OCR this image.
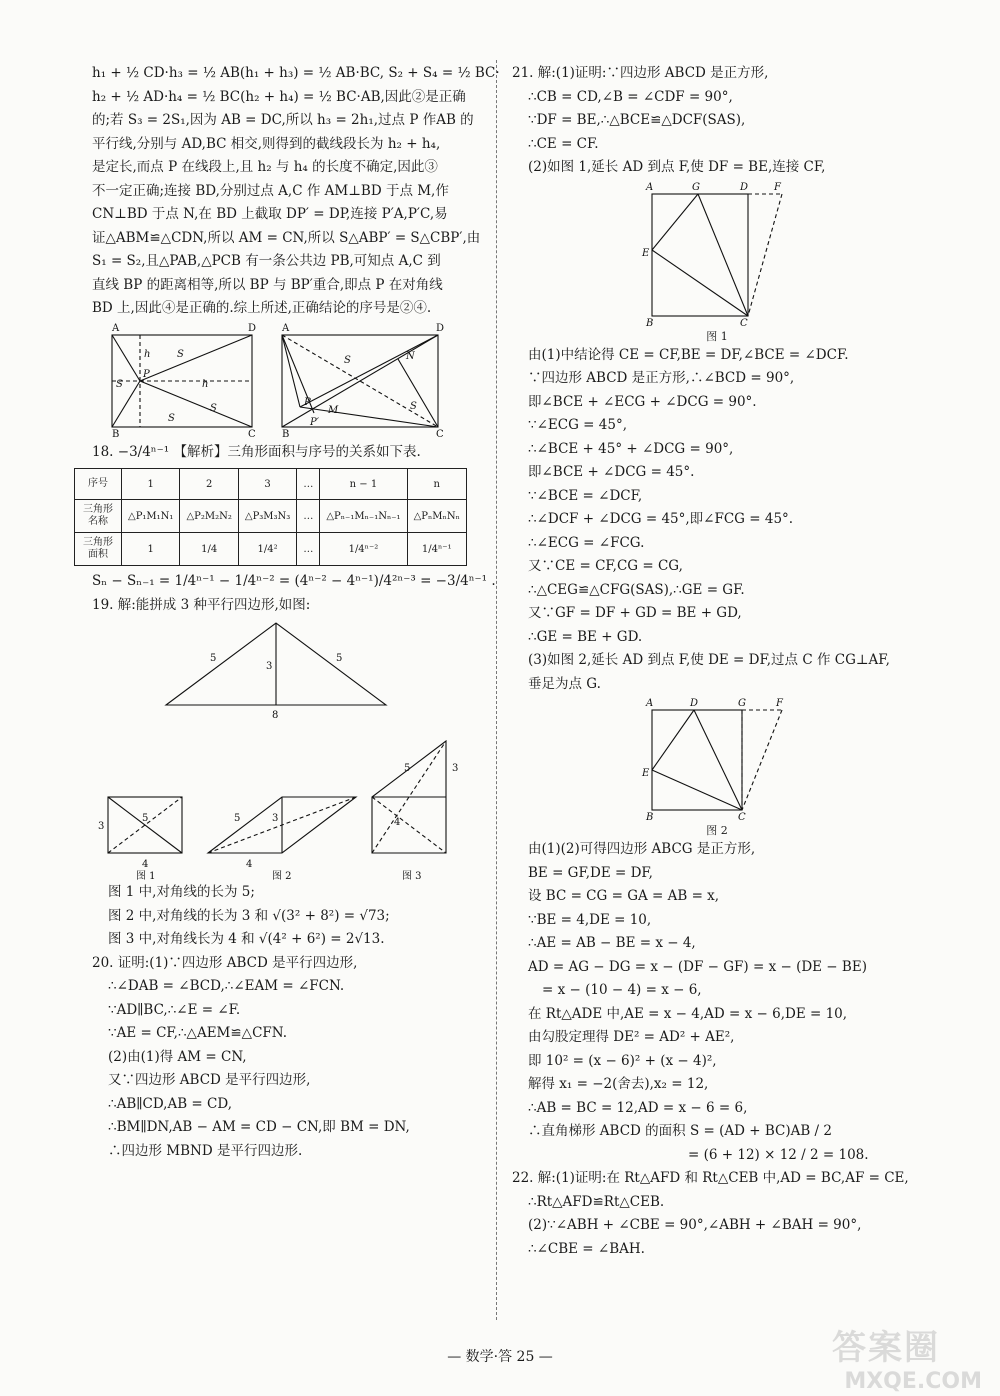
h₁ + ½ CD·h₃ = ½ AB(h₁ + h₃) = ½ AB·BC, S₂ + S₄ = ½ BC·
h₂ + ½ AD·h₄ = ½ BC(h₂ + h₄) = ½ BC·AB,因此②是正确
的;若 S₃ = 2S₁,因为 AB = DC,所以 h₃ = 2h₁,过点 P 作AB 的
平行线,分别与 AD,BC 相交,则得到的截线段长为 h₂ + h₄,
是定长,而点 P 在线段上,且 h₂ 与 h₄ 的长度不确定,因此③
不一定正确;连接 BD,分别过点 A,C 作 AM⊥BD 于点 M,作
CN⊥BD 于点 N,在 BD 上截取 DP′ = DP,连接 P′A,P′C,易
证△ABM≌△CDN,所以 AM = CN,所以 S△ABP′ = S△CBP′,由
S₁ = S₂,且△PAB,△PCB 有一条公共边 PB,可知点 A,C 到
直线 BP 的距离相等,所以 BP 与 BP′重合,即点 P 在对角线
BD 上,因此④是正确的.综上所述,正确结论的序号是②④.
A	D
B	C
P
h
S	h
S
S
S
A	D
B	C
P
M
N
P′
S
S
18. −3/4ⁿ⁻¹ 【解析】三角形面积与序号的关系如下表.
序号	1	2	3	…	n − 1	n
三角形名称	△P₁M₁N₁	△P₂M₂N₂	△P₃M₃N₃	…	△Pₙ₋₁Mₙ₋₁Nₙ₋₁	△PₙMₙNₙ
三角形面积	1	1/4	1/4²	…	1/4ⁿ⁻²	1/4ⁿ⁻¹
Sₙ − Sₙ₋₁ = 1/4ⁿ⁻¹ − 1/4ⁿ⁻² = (4ⁿ⁻² − 4ⁿ⁻¹)/4²ⁿ⁻³ = −3/4ⁿ⁻¹ .
19. 解:能拼成 3 种平行四边形,如图:
5	5
3
8
5
3
4
图 1
5	3
4
图 2
5	3
4
图 3
图 1 中,对角线的长为 5;
图 2 中,对角线的长为 3 和 √(3² + 8²) = √73;
图 3 中,对角线长为 4 和 √(4² + 6²) = 2√13.
20. 证明:(1)∵四边形 ABCD 是平行四边形,
∴∠DAB = ∠BCD,∴∠EAM = ∠FCN.
∵AD∥BC,∴∠E = ∠F.
∵AE = CF,∴△AEM≌△CFN.
(2)由(1)得 AM = CN,
又∵四边形 ABCD 是平行四边形,
∴AB∥CD,AB = CD,
∴BM∥DN,AB − AM = CD − CN,即 BM = DN,
∴四边形 MBND 是平行四边形.
21. 解:(1)证明:∵四边形 ABCD 是正方形,
∴CB = CD,∠B = ∠CDF = 90°,
∵DF = BE,∴△BCE≌△DCF(SAS),
∴CE = CF.
(2)如图 1,延长 AD 到点 F,使 DF = BE,连接 CF,
A	G	D	F
E
B	C
图 1
由(1)中结论得 CE = CF,BE = DF,∠BCE = ∠DCF.
∵四边形 ABCD 是正方形,∴∠BCD = 90°,
即∠BCE + ∠ECG + ∠DCG = 90°.
∵∠ECG = 45°,
∴∠BCE + 45° + ∠DCG = 90°,
即∠BCE + ∠DCG = 45°.
∵∠BCE = ∠DCF,
∴∠DCF + ∠DCG = 45°,即∠FCG = 45°.
∴∠ECG = ∠FCG.
又∵CE = CF,CG = CG,
∴△CEG≌△CFG(SAS),∴GE = GF.
又∵GF = DF + GD = BE + GD,
∴GE = BE + GD.
(3)如图 2,延长 AD 到点 F,使 DE = DF,过点 C 作 CG⊥AF,
垂足为点 G.
A	D	G	F
E
B	C
图 2
由(1)(2)可得四边形 ABCG 是正方形,
BE = GF,DE = DF,
设 BC = CG = GA = AB = x,
∵BE = 4,DE = 10,
∴AE = AB − BE = x − 4,
AD = AG − DG = x − (DF − GF) = x − (DE − BE)
= x − (10 − 4) = x − 6,
在 Rt△ADE 中,AE = x − 4,AD = x − 6,DE = 10,
由勾股定理得 DE² = AD² + AE²,
即 10² = (x − 6)² + (x − 4)²,
解得 x₁ = −2(舍去),x₂ = 12,
∴AB = BC = 12,AD = x − 6 = 6,
∴直角梯形 ABCD 的面积 S = (AD + BC)AB / 2
= (6 + 12) × 12 / 2 = 108.
22. 解:(1)证明:在 Rt△AFD 和 Rt△CEB 中,AD = BC,AF = CE,
∴Rt△AFD≌Rt△CEB.
(2)∵∠ABH + ∠CBE = 90°,∠ABH + ∠BAH = 90°,
∴∠CBE = ∠BAH.
— 数学·答 25 —	答案圈
MXQE.COM
